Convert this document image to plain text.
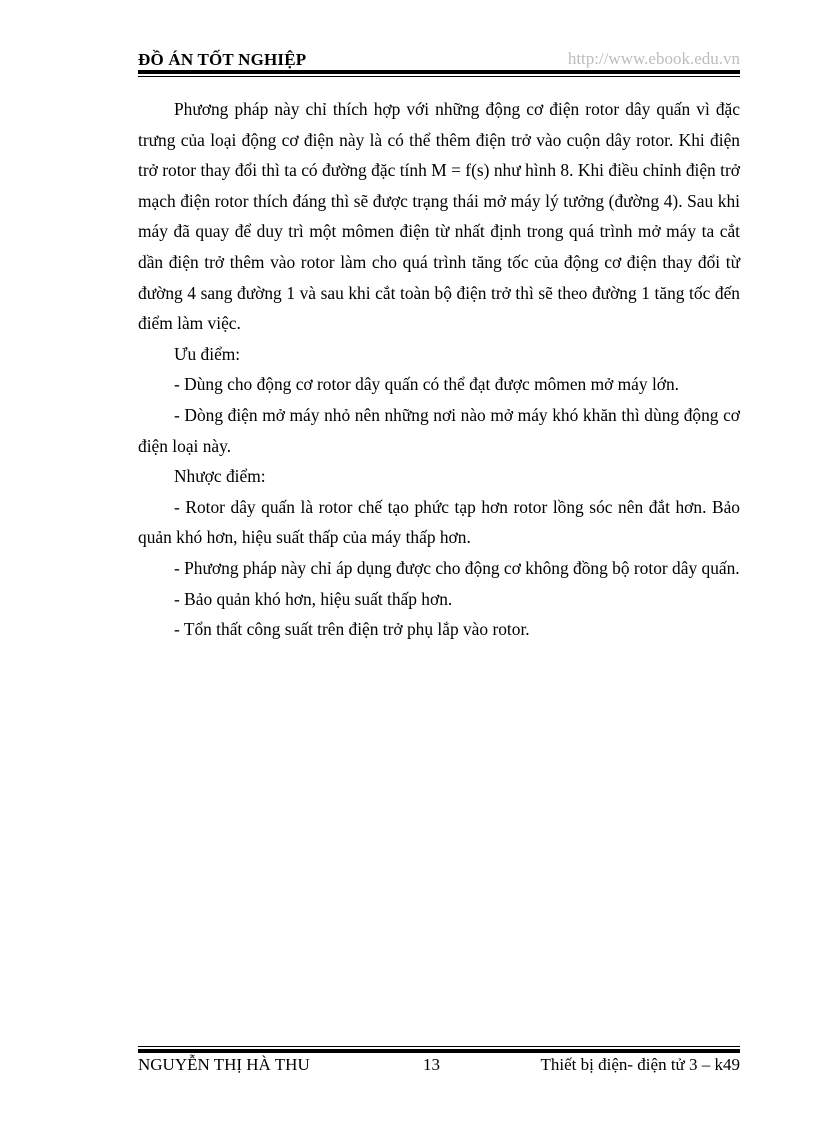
ĐỒ ÁN TỐT NGHIỆP	http://www.ebook.edu.vn

Phương pháp này chỉ thích hợp với những động cơ điện rotor dây quấn vì đặc trưng của loại động cơ điện này là có thể thêm điện trở vào cuộn dây rotor. Khi điện trở rotor thay đổi thì ta có đường đặc tính M = f(s) như hình 8. Khi điều chỉnh điện trở mạch điện rotor thích đáng thì sẽ được trạng thái mở máy lý tưởng (đường 4). Sau khi máy đã quay để duy trì một mômen điện từ nhất định trong quá trình mở máy ta cắt dần điện trở thêm vào rotor làm cho quá trình tăng tốc của động cơ điện thay đổi từ đường 4 sang đường 1 và sau khi cắt toàn bộ điện trở thì sẽ theo đường 1 tăng tốc đến điểm làm việc.

Ưu điểm:

- Dùng cho động cơ rotor dây quấn có thể đạt được mômen mở máy lớn.

- Dòng điện mở máy nhỏ nên những nơi nào mở máy khó khăn thì dùng động cơ điện loại này.

Nhược điểm:

- Rotor dây quấn là rotor chế tạo phức tạp hơn rotor lồng sóc nên đắt hơn. Bảo quản khó hơn, hiệu suất thấp của máy thấp hơn.

- Phương pháp này chỉ áp dụng được cho động cơ không đồng bộ rotor dây quấn.

- Bảo quản khó hơn, hiệu suất thấp hơn.

- Tổn thất công suất trên điện trở phụ lắp vào rotor.

NGUYỄN THỊ HÀ THU	13	Thiết bị điện- điện tử 3 – k49
